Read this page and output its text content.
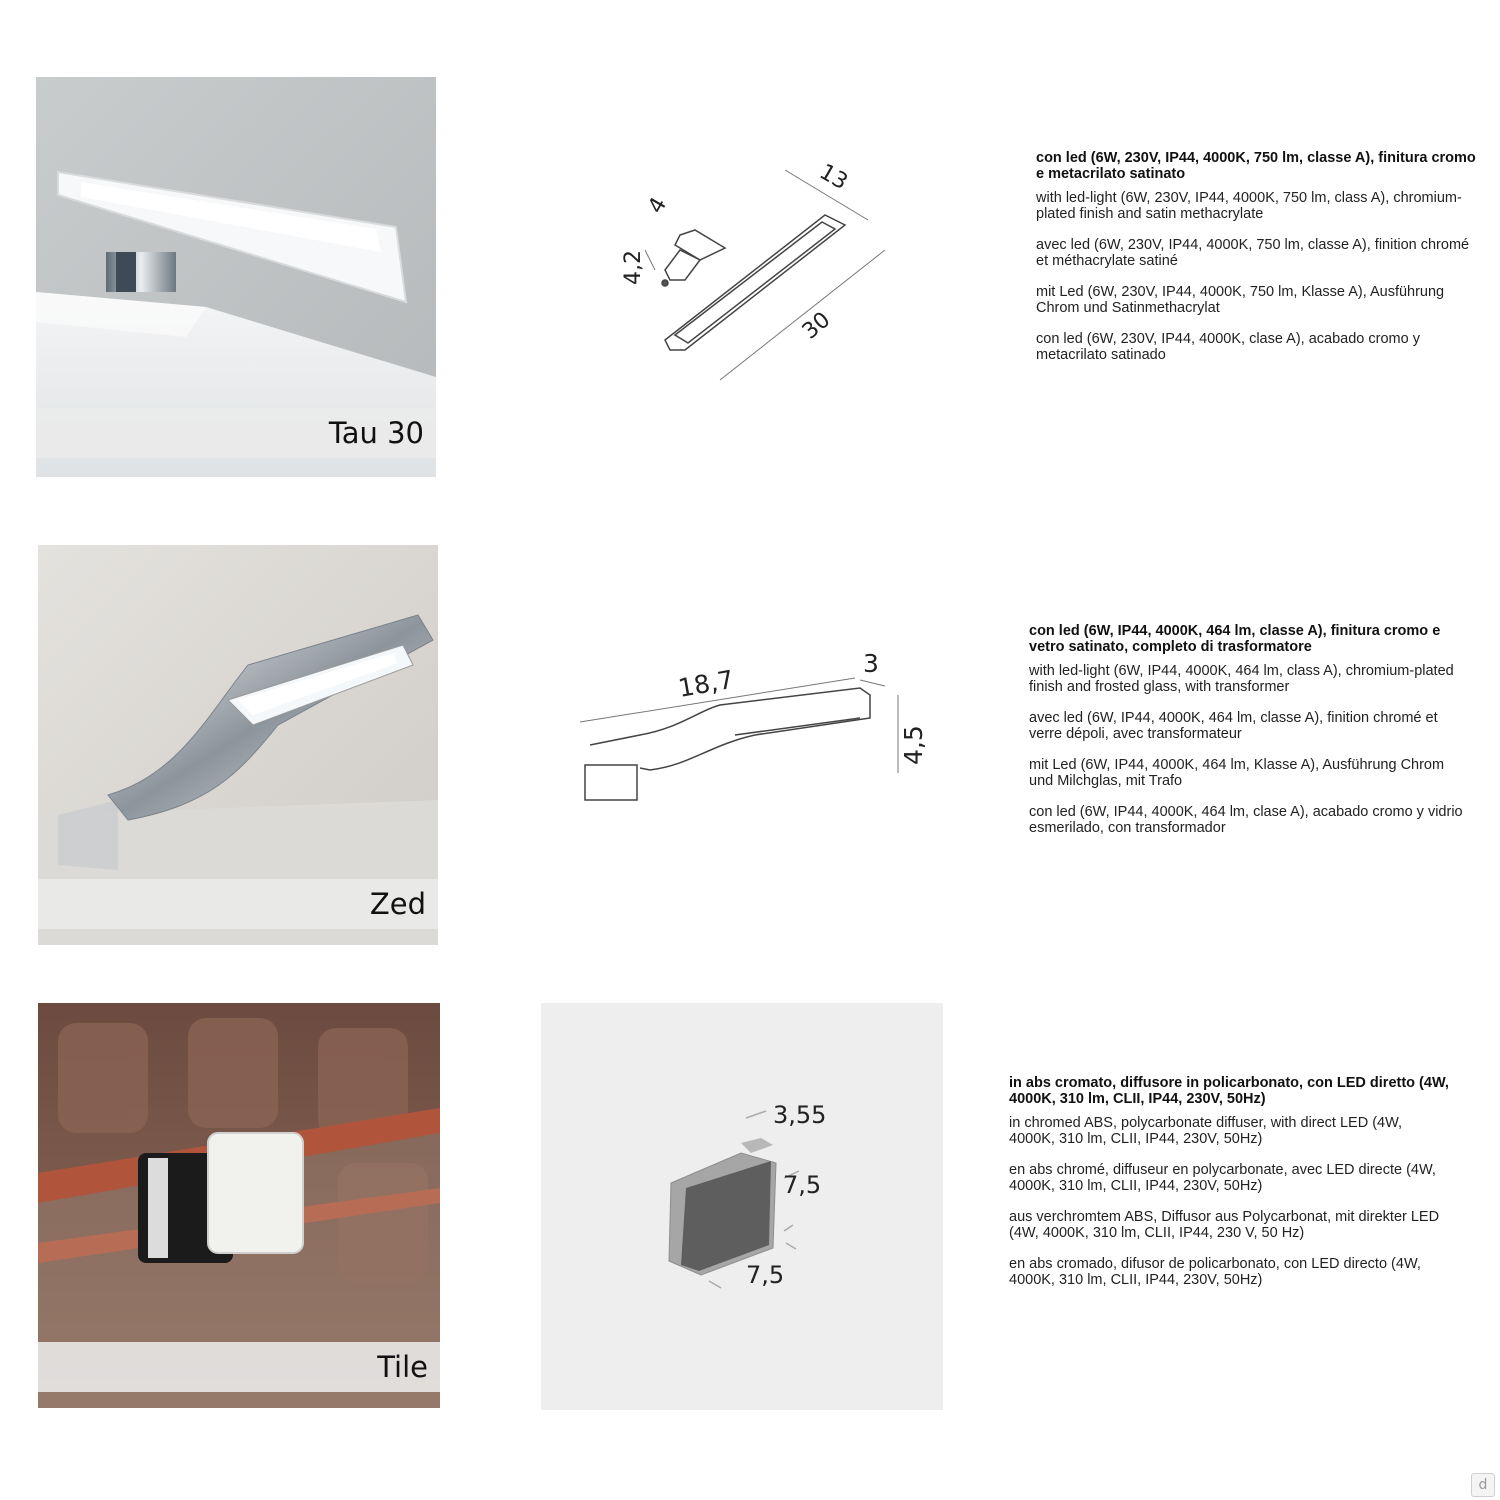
Tau 30
13
4
4,2
30

con led (6W, 230V, IP44, 4000K, 750 lm, classe A), finitura cromo e metacrilato satinato

with led-light (6W, 230V, IP44, 4000K, 750 lm, class A), chromium-plated finish and satin methacrylate

avec led (6W, 230V, IP44, 4000K, 750 lm, classe A), finition chromé et méthacrylate satiné

mit Led (6W, 230V, IP44, 4000K, 750 lm, Klasse A), Ausführung Chrom und Satinmethacrylat

con led (6W, 230V, IP44, 4000K, clase A), acabado cromo y metacrilato satinado

Zed
18,7
3
4,5

con led (6W, IP44, 4000K, 464 lm, classe A), finitura cromo e vetro satinato, completo di trasformatore

with led-light (6W, IP44, 4000K, 464 lm, class A), chromium-plated finish and frosted glass, with transformer

avec led (6W, IP44, 4000K, 464 lm, classe A), finition chromé et verre dépoli, avec transformateur

mit Led (6W, IP44, 4000K, 464 lm, Klasse A), Ausführung Chrom und Milchglas, mit Trafo

con led (6W, IP44, 4000K, 464 lm, clase A), acabado cromo y vidrio esmerilado, con transformador

Tile
3,55
7,5
7,5

in abs cromato, diffusore in policarbonato, con LED diretto (4W, 4000K, 310 lm, CLII, IP44, 230V, 50Hz)

in chromed ABS, polycarbonate diffuser, with direct LED (4W, 4000K, 310 lm, CLII, IP44, 230V, 50Hz)

en abs chromé, diffuseur en polycarbonate, avec LED directe (4W, 4000K, 310 lm, CLII, IP44, 230V, 50Hz)

aus verchromtem ABS, Diffusor aus Polycarbonat, mit direkter LED (4W, 4000K, 310 lm, CLII, IP44, 230 V, 50 Hz)

en abs cromado, difusor de policarbonato, con LED directo (4W, 4000K, 310 lm, CLII, IP44, 230V, 50Hz)

d
